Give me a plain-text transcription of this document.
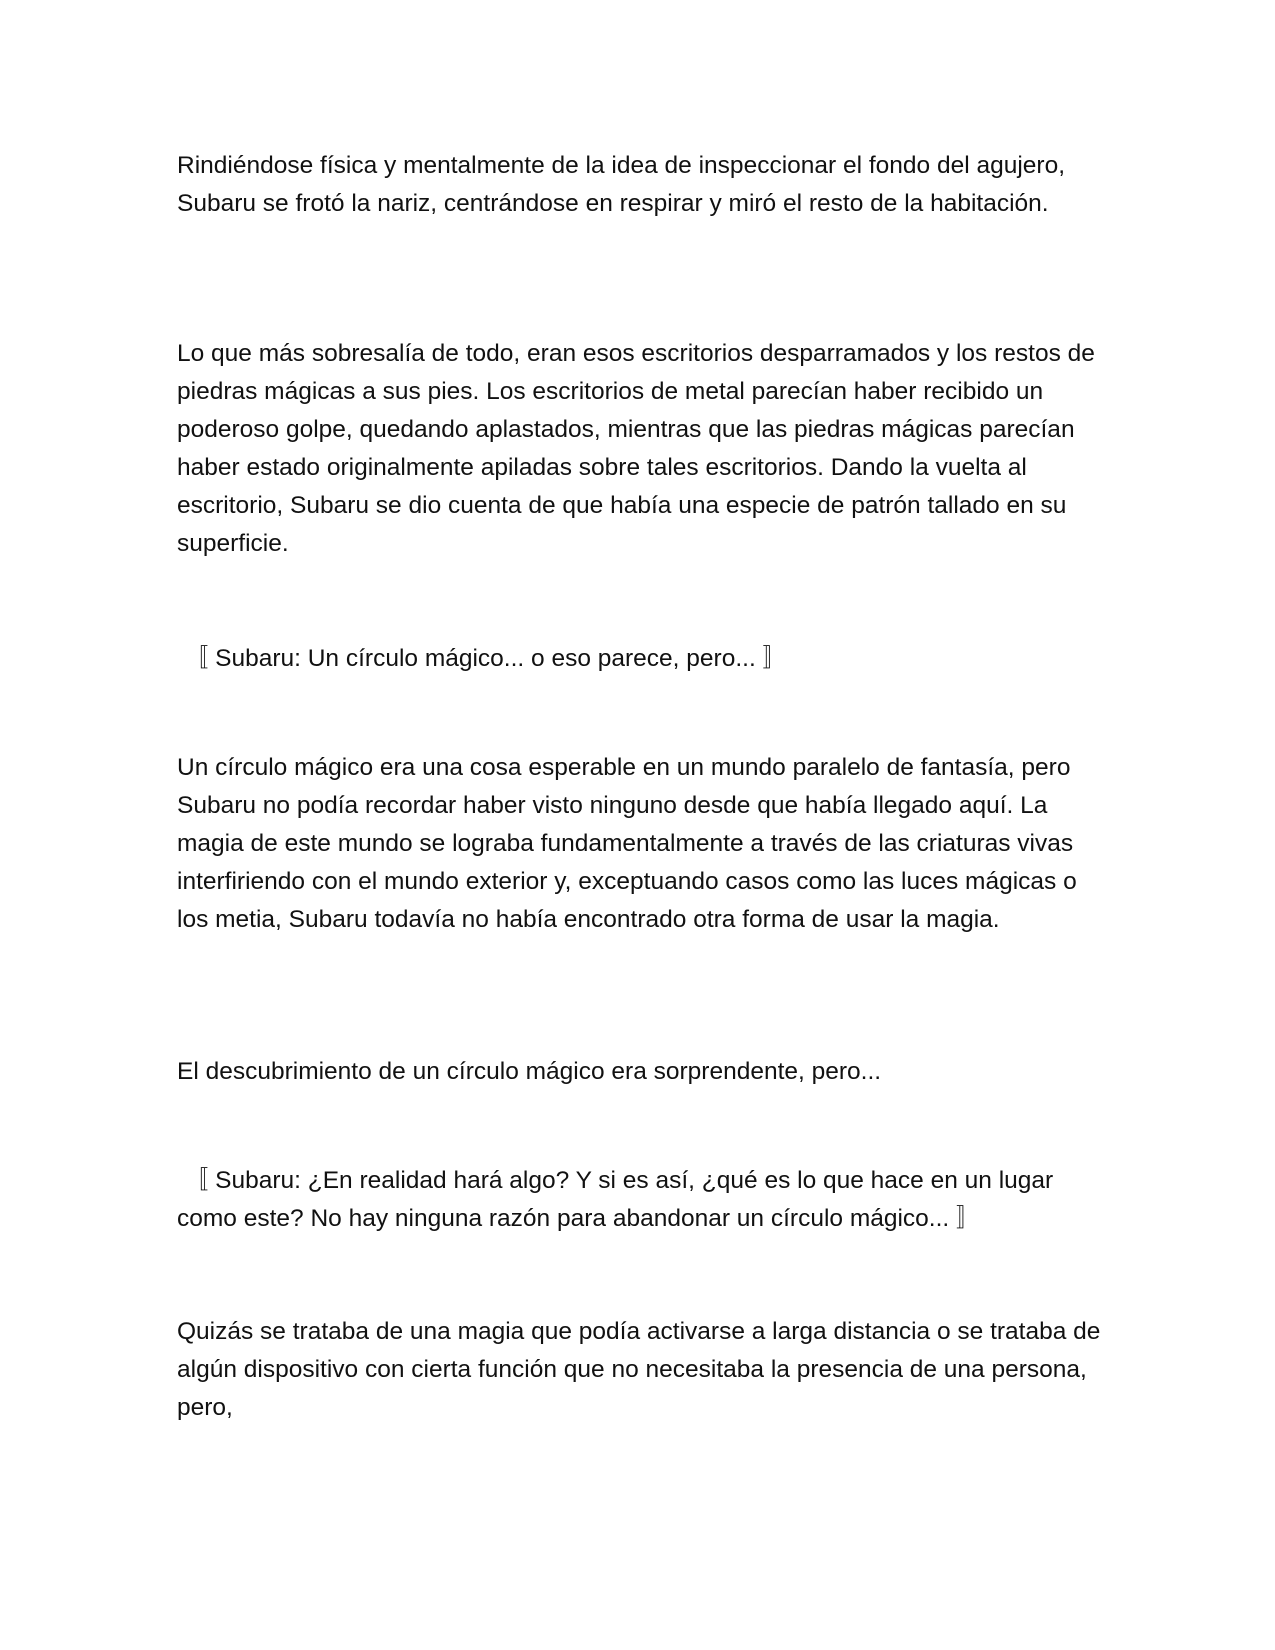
Rindiéndose física y mentalmente de la idea de inspeccionar el fondo del agujero, Subaru se frotó la nariz, centrándose en respirar y miró el resto de la habitación.

Lo que más sobresalía de todo, eran esos escritorios desparramados y los restos de piedras mágicas a sus pies. Los escritorios de metal parecían haber recibido un poderoso golpe, quedando aplastados, mientras que las piedras mágicas parecían haber estado originalmente apiladas sobre tales escritorios. Dando la vuelta al escritorio, Subaru se dio cuenta de que había una especie de patrón tallado en su superficie.

〚 Subaru: Un círculo mágico... o eso parece, pero... 〛

Un círculo mágico era una cosa esperable en un mundo paralelo de fantasía, pero Subaru no podía recordar haber visto ninguno desde que había llegado aquí. La magia de este mundo se lograba fundamentalmente a través de las criaturas vivas interfiriendo con el mundo exterior y, exceptuando casos como las luces mágicas o los metia, Subaru todavía no había encontrado otra forma de usar la magia.

El descubrimiento de un círculo mágico era sorprendente, pero...

〚 Subaru: ¿En realidad hará algo? Y si es así, ¿qué es lo que hace en un lugar como este? No hay ninguna razón para abandonar un círculo mágico... 〛

Quizás se trataba de una magia que podía activarse a larga distancia o se trataba de algún dispositivo con cierta función que no necesitaba la presencia de una persona, pero,
